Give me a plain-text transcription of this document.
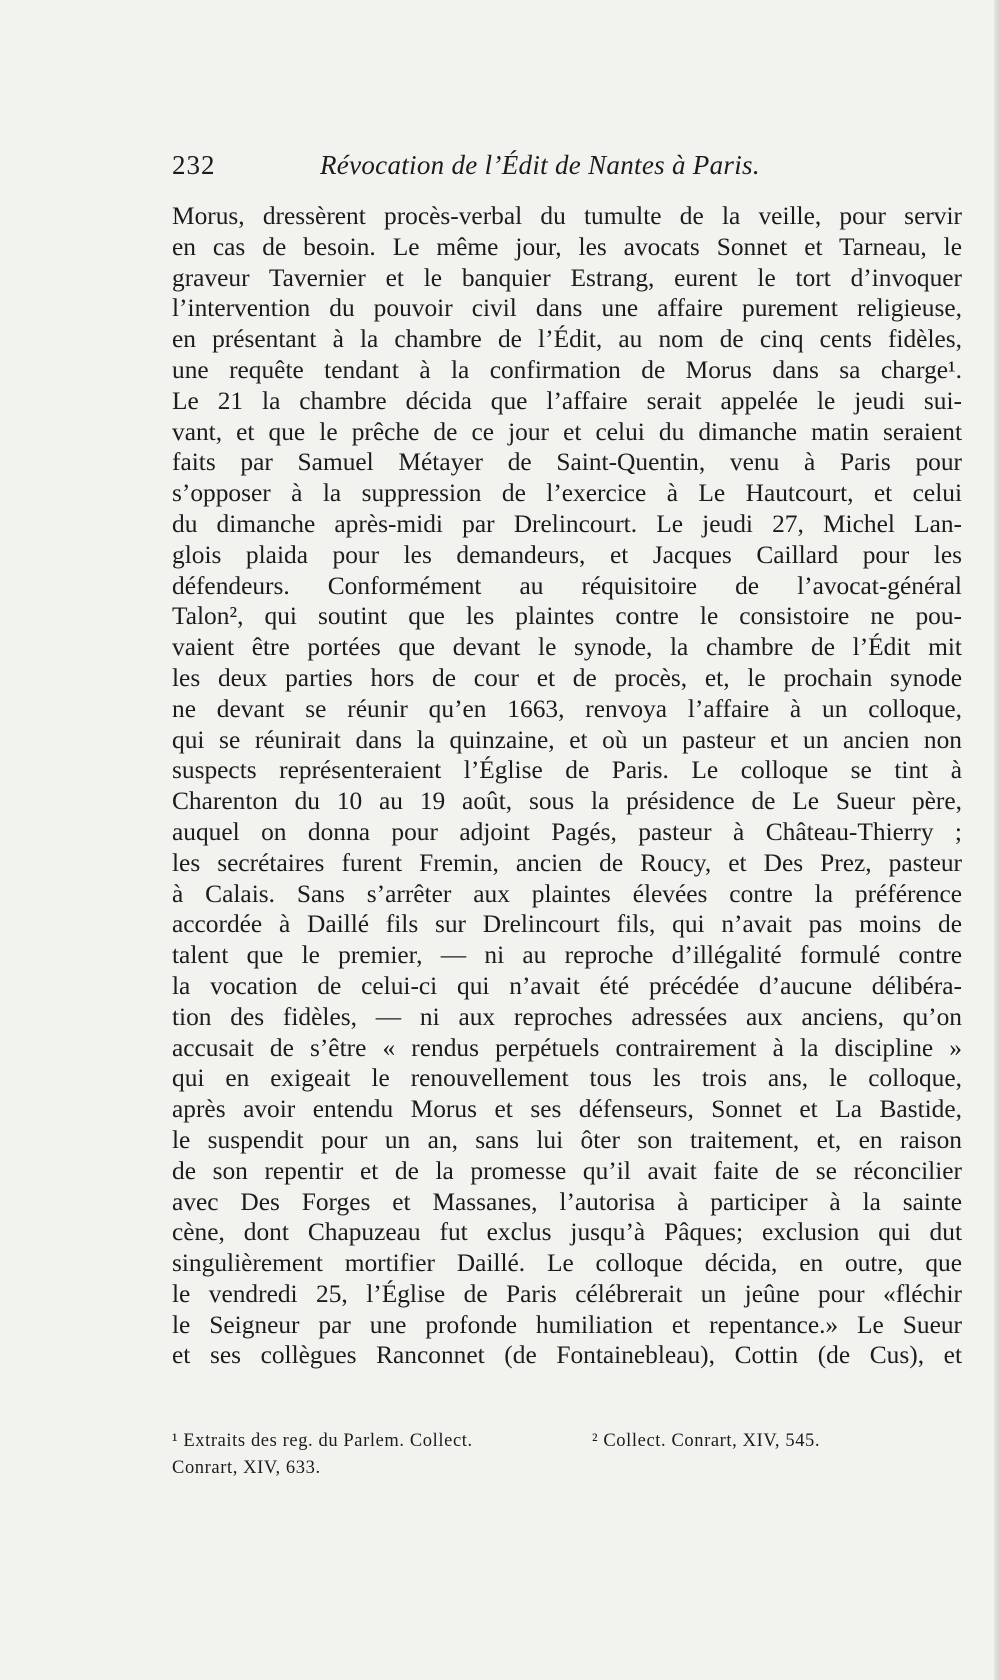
232	Révocation de l’Édit de Nantes à Paris.
Morus, dressèrent procès-verbal du tumulte de la veille, pour servir
en cas de besoin. Le même jour, les avocats Sonnet et Tarneau, le
graveur Tavernier et le banquier Estrang, eurent le tort d’invoquer
l’intervention du pouvoir civil dans une affaire purement religieuse,
en présentant à la chambre de l’Édit, au nom de cinq cents fidèles,
une requête tendant à la confirmation de Morus dans sa charge¹.
Le 21 la chambre décida que l’affaire serait appelée le jeudi sui-
vant, et que le prêche de ce jour et celui du dimanche matin seraient
faits par Samuel Métayer de Saint-Quentin, venu à Paris pour
s’opposer à la suppression de l’exercice à Le Hautcourt, et celui
du dimanche après-midi par Drelincourt. Le jeudi 27, Michel Lan-
glois plaida pour les demandeurs, et Jacques Caillard pour les
défendeurs. Conformément au réquisitoire de l’avocat-général
Talon², qui soutint que les plaintes contre le consistoire ne pou-
vaient être portées que devant le synode, la chambre de l’Édit mit
les deux parties hors de cour et de procès, et, le prochain synode
ne devant se réunir qu’en 1663, renvoya l’affaire à un colloque,
qui se réunirait dans la quinzaine, et où un pasteur et un ancien non
suspects représenteraient l’Église de Paris. Le colloque se tint à
Charenton du 10 au 19 août, sous la présidence de Le Sueur père,
auquel on donna pour adjoint Pagés, pasteur à Château-Thierry ;
les secrétaires furent Fremin, ancien de Roucy, et Des Prez, pasteur
à Calais. Sans s’arrêter aux plaintes élevées contre la préférence
accordée à Daillé fils sur Drelincourt fils, qui n’avait pas moins de
talent que le premier, — ni au reproche d’illégalité formulé contre
la vocation de celui-ci qui n’avait été précédée d’aucune délibéra-
tion des fidèles, — ni aux reproches adressées aux anciens, qu’on
accusait de s’être « rendus perpétuels contrairement à la discipline »
qui en exigeait le renouvellement tous les trois ans, le colloque,
après avoir entendu Morus et ses défenseurs, Sonnet et La Bastide,
le suspendit pour un an, sans lui ôter son traitement, et, en raison
de son repentir et de la promesse qu’il avait faite de se réconcilier
avec Des Forges et Massanes, l’autorisa à participer à la sainte
cène, dont Chapuzeau fut exclus jusqu’à Pâques; exclusion qui dut
singulièrement mortifier Daillé. Le colloque décida, en outre, que
le vendredi 25, l’Église de Paris célébrerait un jeûne pour «fléchir
le Seigneur par une profonde humiliation et repentance.» Le Sueur
et ses collègues Ranconnet (de Fontainebleau), Cottin (de Cus), et
¹ Extraits des reg. du Parlem. Collect.
Conrart, XIV, 633.
² Collect. Conrart, XIV, 545.
